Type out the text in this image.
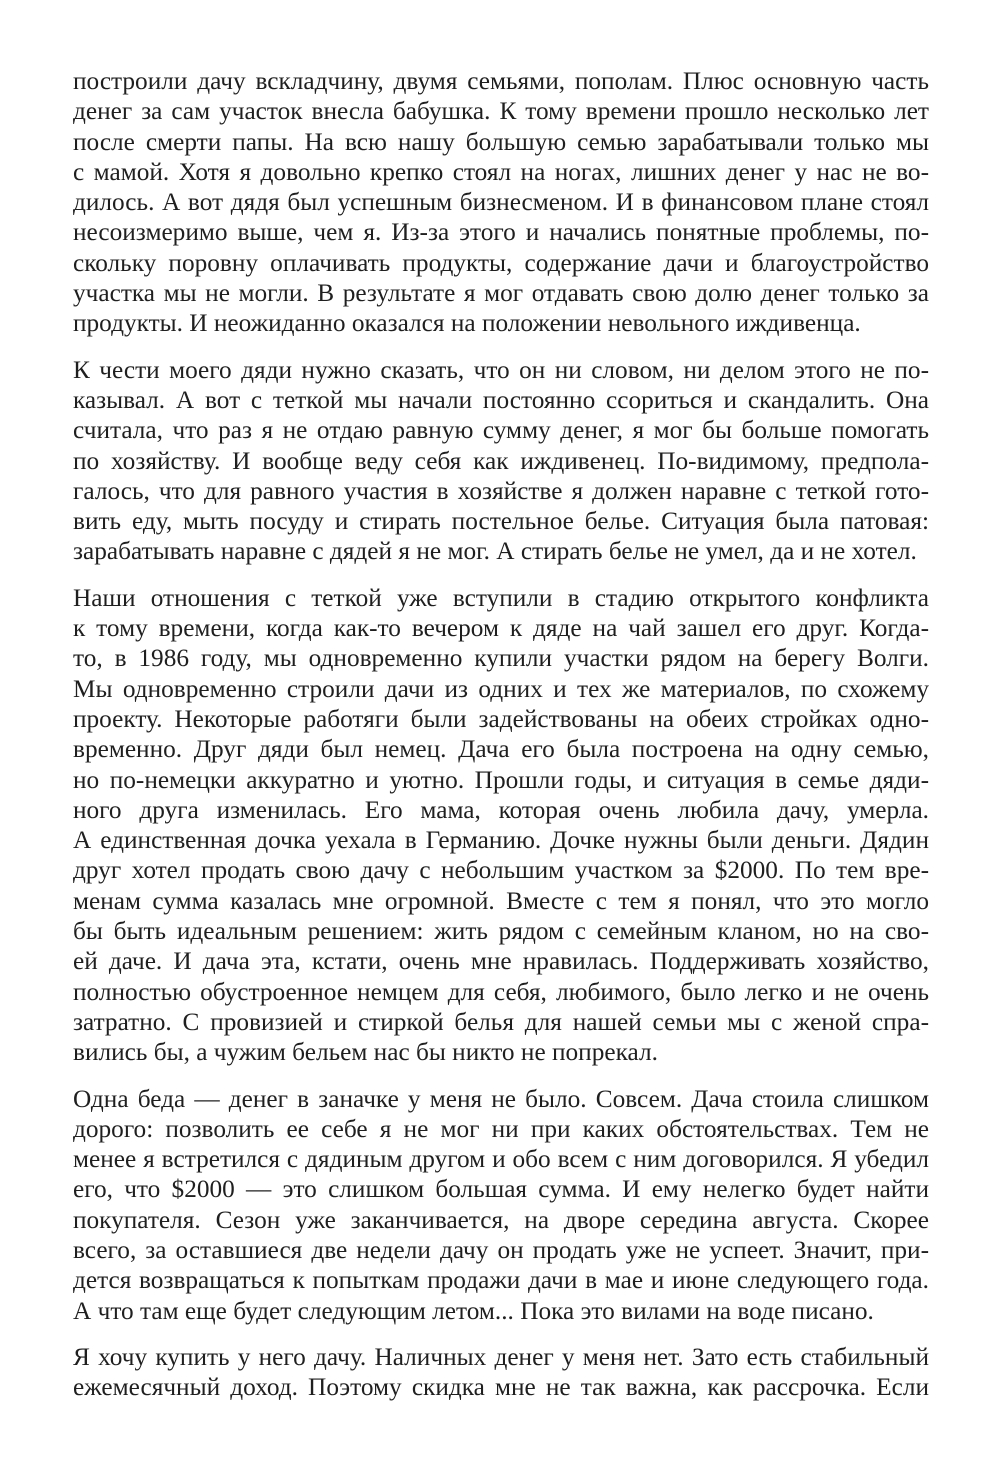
построили дачу вскладчину, двумя семьями, пополам. Плюс основную часть
денег за сам участок внесла бабушка. К тому времени прошло несколько лет
после смерти папы. На всю нашу большую семью зарабатывали только мы
с мамой. Хотя я довольно крепко стоял на ногах, лишних денег у нас не во-
дилось. А вот дядя был успешным бизнесменом. И в финансовом плане стоял
несоизмеримо выше, чем я. Из-за этого и начались понятные проблемы, по-
скольку поровну оплачивать продукты, содержание дачи и благоустройство
участка мы не могли. В результате я мог отдавать свою долю денег только за
продукты. И неожиданно оказался на положении невольного иждивенца.
К чести моего дяди нужно сказать, что он ни словом, ни делом этого не по-
казывал. А вот с теткой мы начали постоянно ссориться и скандалить. Она
считала, что раз я не отдаю равную сумму денег, я мог бы больше помогать
по хозяйству. И вообще веду себя как иждивенец. По-видимому, предпола-
галось, что для равного участия в хозяйстве я должен наравне с теткой гото-
вить еду, мыть посуду и стирать постельное белье. Ситуация была патовая:
зарабатывать наравне с дядей я не мог. А стирать белье не умел, да и не хотел.
Наши отношения с теткой уже вступили в стадию открытого конфликта
к тому времени, когда как-то вечером к дяде на чай зашел его друг. Когда-
то, в 1986 году, мы одновременно купили участки рядом на берегу Волги.
Мы одновременно строили дачи из одних и тех же материалов, по схожему
проекту. Некоторые работяги были задействованы на обеих стройках одно-
временно. Друг дяди был немец. Дача его была построена на одну семью,
но по-немецки аккуратно и уютно. Прошли годы, и ситуация в семье дяди-
ного друга изменилась. Его мама, которая очень любила дачу, умерла.
А единственная дочка уехала в Германию. Дочке нужны были деньги. Дядин
друг хотел продать свою дачу с небольшим участком за $2000. По тем вре-
менам сумма казалась мне огромной. Вместе с тем я понял, что это могло
бы быть идеальным решением: жить рядом с семейным кланом, но на сво-
ей даче. И дача эта, кстати, очень мне нравилась. Поддерживать хозяйство,
полностью обустроенное немцем для себя, любимого, было легко и не очень
затратно. С провизией и стиркой белья для нашей семьи мы с женой спра-
вились бы, а чужим бельем нас бы никто не попрекал.
Одна беда — денег в заначке у меня не было. Совсем. Дача стоила слишком
дорого: позволить ее себе я не мог ни при каких обстоятельствах. Тем не
менее я встретился с дядиным другом и обо всем с ним договорился. Я убедил
его, что $2000 — это слишком большая сумма. И ему нелегко будет найти
покупателя. Сезон уже заканчивается, на дворе середина августа. Скорее
всего, за оставшиеся две недели дачу он продать уже не успеет. Значит, при-
дется возвращаться к попыткам продажи дачи в мае и июне следующего года.
А что там еще будет следующим летом... Пока это вилами на воде писано.
Я хочу купить у него дачу. Наличных денег у меня нет. Зато есть стабильный
ежемесячный доход. Поэтому скидка мне не так важна, как рассрочка. Если
